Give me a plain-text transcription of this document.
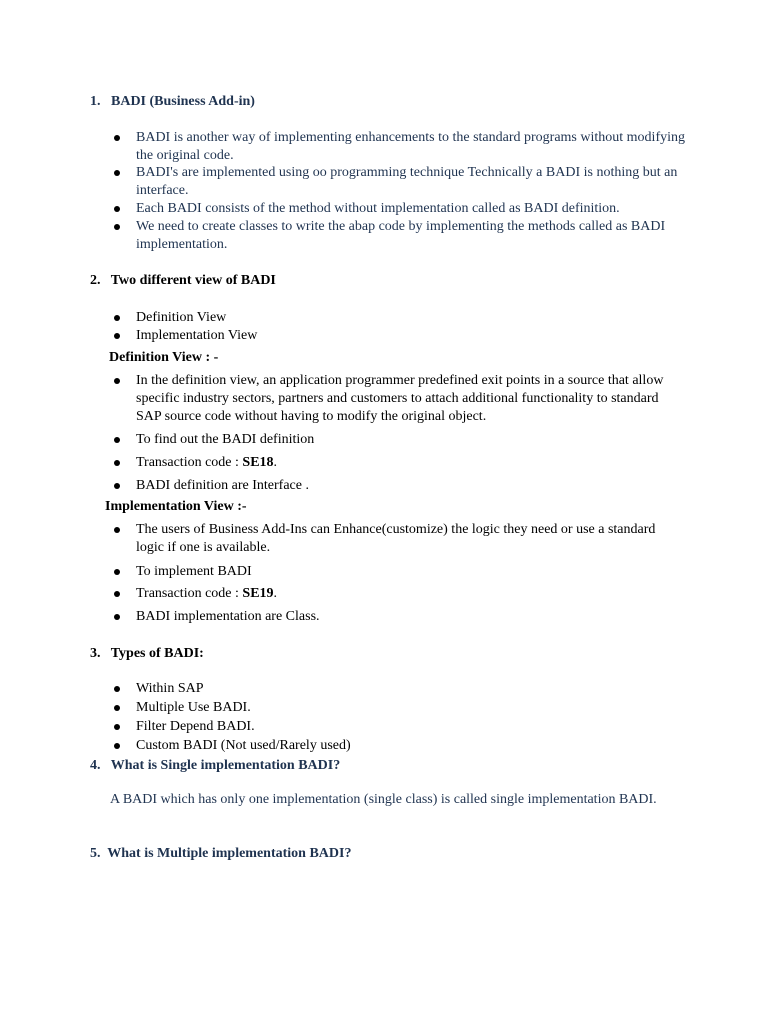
1. BADI (Business Add-in)
BADI is another way of implementing enhancements to the standard programs without modifying the original code.
BADI's are implemented using oo programming technique Technically a BADI is nothing but an interface.
Each BADI consists of the method without implementation called as BADI definition.
We need to create classes to write the abap code by implementing the methods called as BADI implementation.
2. Two different view of BADI
Definition View
Implementation View
Definition View : -
In the definition view, an application programmer predefined exit points in a source that allow specific industry sectors, partners and customers to attach additional functionality to standard SAP source code without having to modify the original object.
To find out the BADI definition
Transaction code : SE18.
BADI definition are Interface .
Implementation View :-
The users of Business Add-Ins can Enhance(customize) the logic they need or use a standard logic if one is available.
To implement BADI
Transaction code : SE19.
BADI implementation are Class.
3. Types of BADI:
Within SAP
Multiple Use BADI.
Filter Depend BADI.
Custom BADI (Not used/Rarely used)
4. What is Single implementation BADI?
A BADI which has only one implementation (single class) is called single implementation BADI.
5. What is Multiple implementation BADI?
